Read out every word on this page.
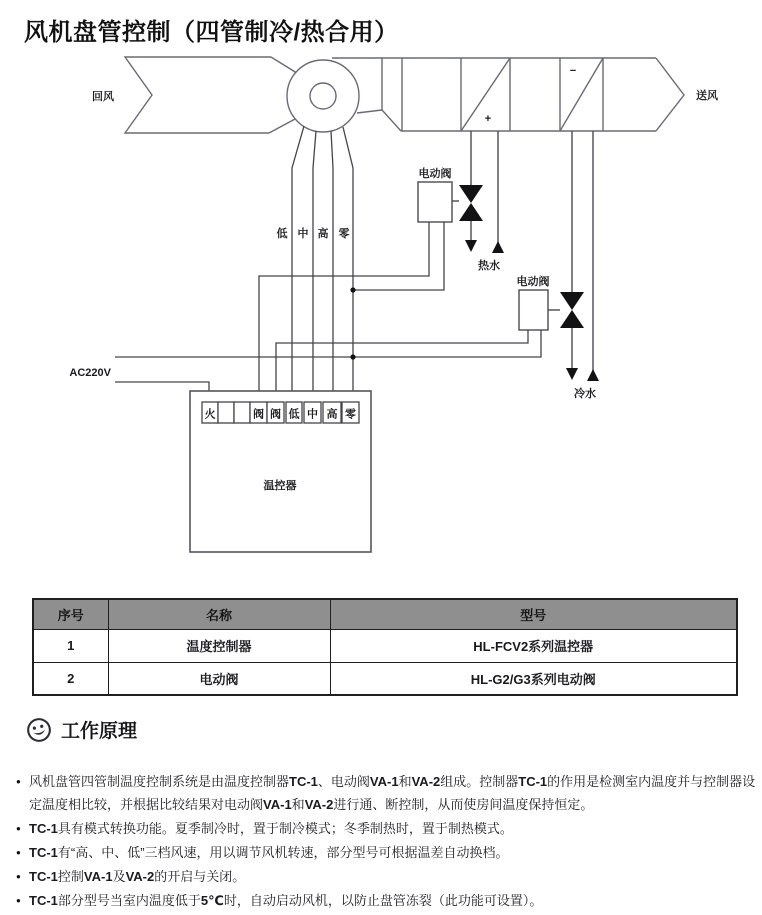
风机盘管控制（四管制冷/热合用）
回风	送风
+
−
电动阀
热水
电动阀
冷水
低 中 高 零
AC220V
火	阀 阀 低 中 高 零
温控器
序号	名称	型号
1	温度控制器	HL-FCV2系列温控器
2	电动阀	HL-G2/G3系列电动阀
工作原理
● 风机盘管四管制温度控制系统是由温度控制器TC-1、电动阀VA-1和VA-2组成。控制器TC-1的作用是检测室内温度并与控制器设定温度相比较，并根据比较结果对电动阀VA-1和VA-2进行通、断控制，从而使房间温度保持恒定。
● TC-1具有模式转换功能。夏季制冷时，置于制冷模式；冬季制热时，置于制热模式。
● TC-1有“高、中、低”三档风速，用以调节风机转速，部分型号可根据温差自动换档。
● TC-1控制VA-1及VA-2的开启与关闭。
● TC-1部分型号当室内温度低于5℃时，自动启动风机，以防止盘管冻裂（此功能可设置）。
